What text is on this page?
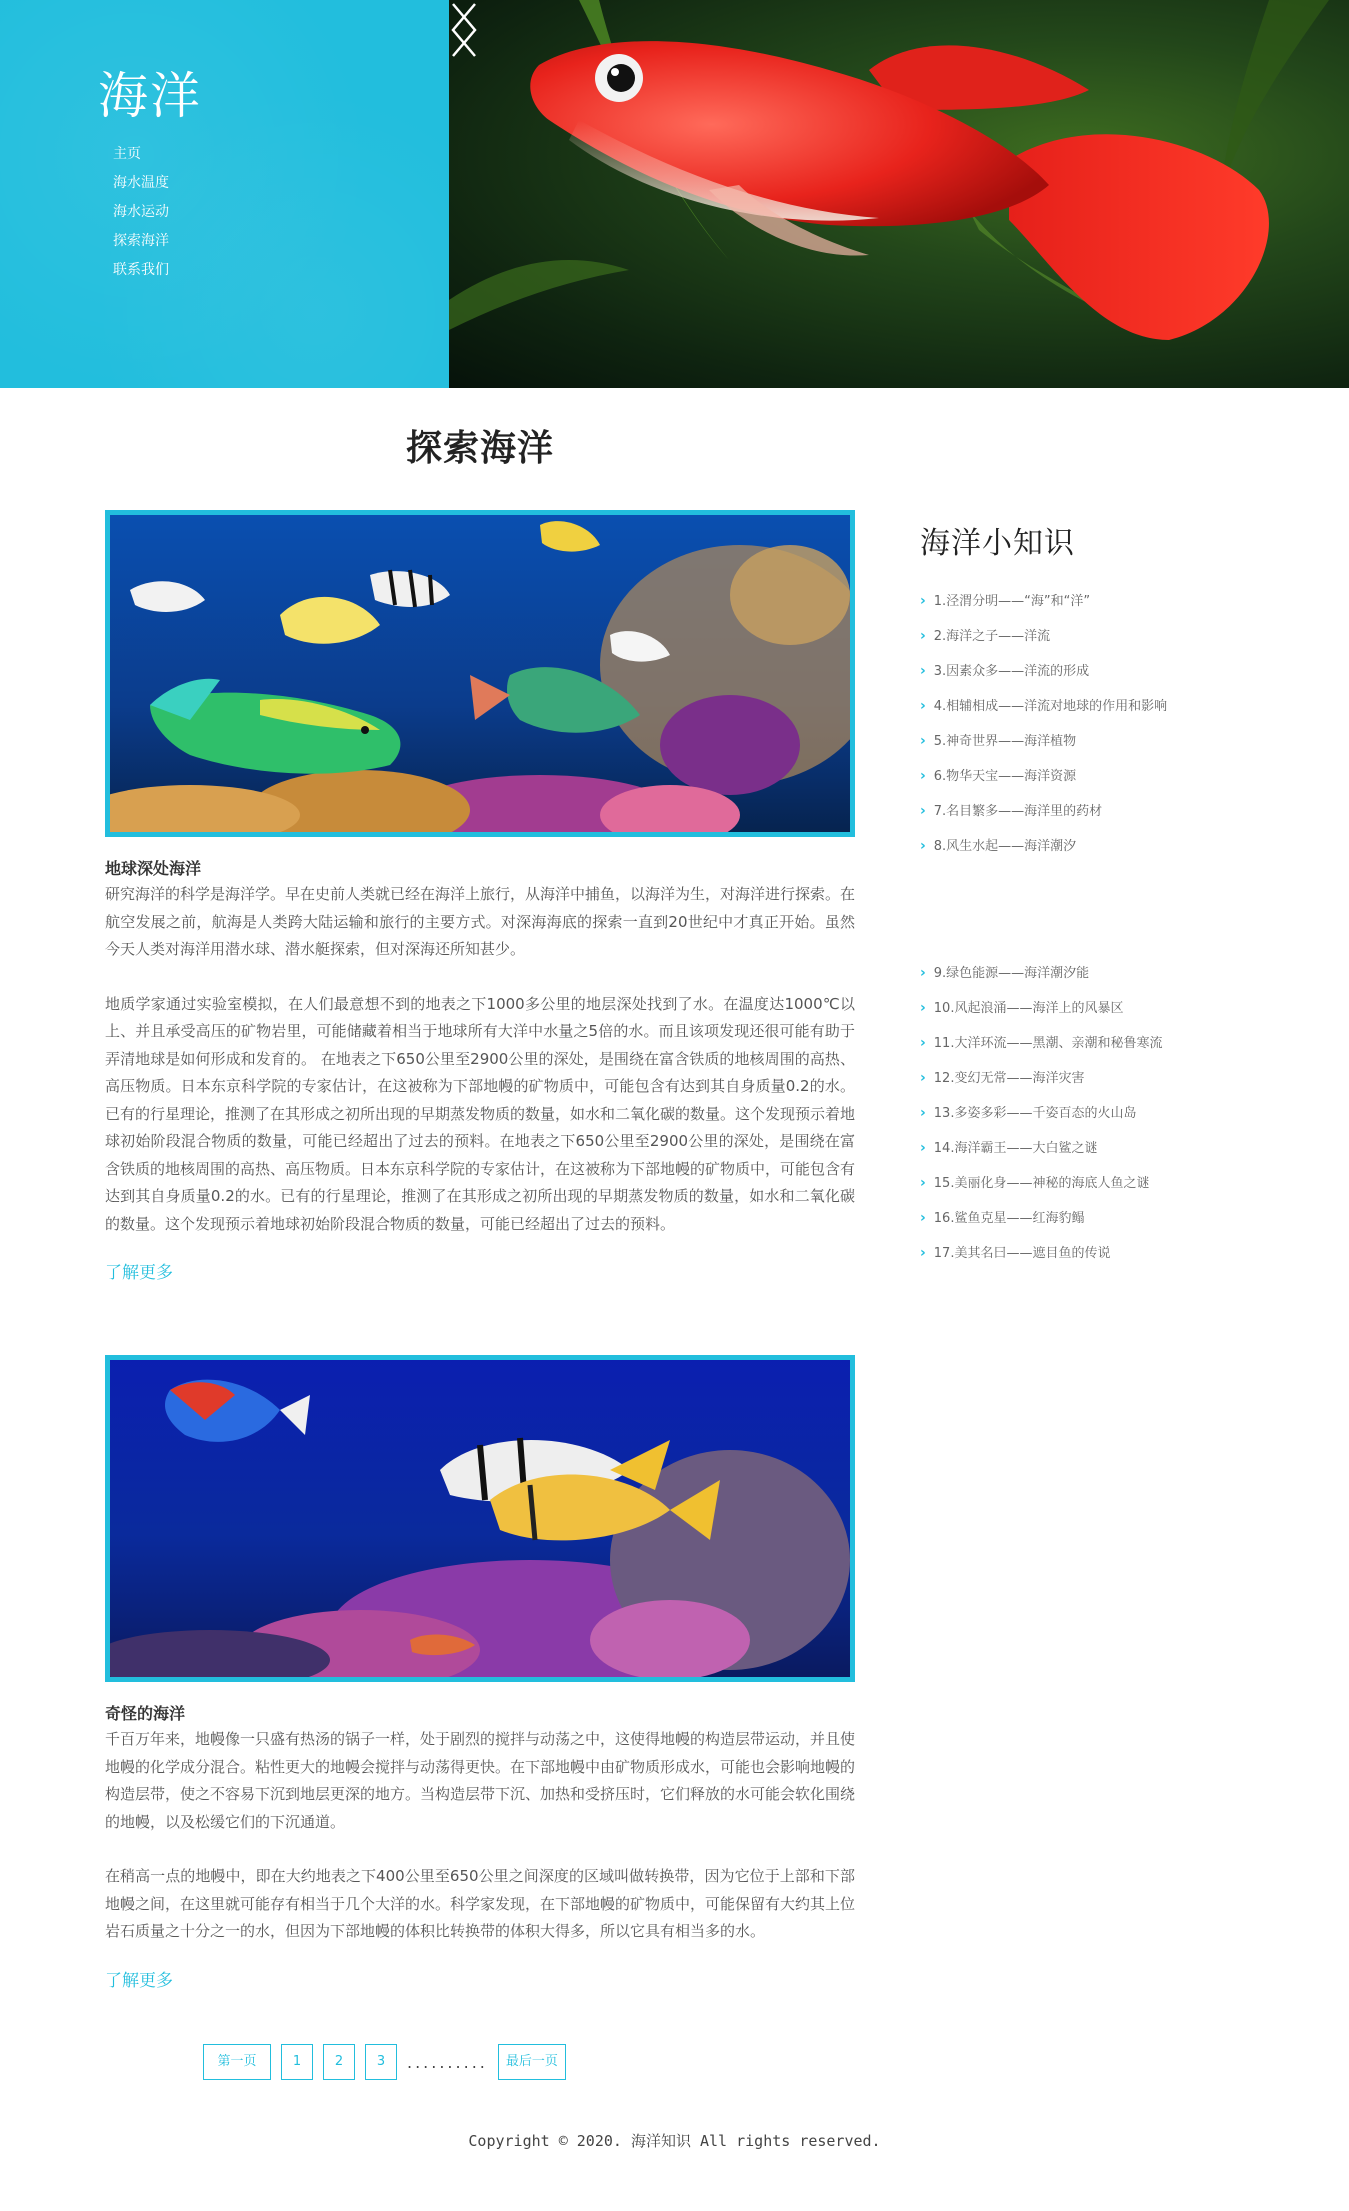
海洋
主页
海水温度
海水运动
探索海洋
联系我们
探索海洋
地球深处海洋

研究海洋的科学是海洋学。早在史前人类就已经在海洋上旅行，从海洋中捕鱼，以海洋为生，对海洋进行探索。在航空发展之前，航海是人类跨大陆运输和旅行的主要方式。对深海海底的探索一直到20世纪中才真正开始。虽然今天人类对海洋用潜水球、潜水艇探索，但对深海还所知甚少。

地质学家通过实验室模拟，在人们最意想不到的地表之下1000多公里的地层深处找到了水。在温度达1000℃以上、并且承受高压的矿物岩里，可能储藏着相当于地球所有大洋中水量之5倍的水。而且该项发现还很可能有助于弄清地球是如何形成和发育的。 在地表之下650公里至2900公里的深处，是围绕在富含铁质的地核周围的高热、高压物质。日本东京科学院的专家估计，在这被称为下部地幔的矿物质中，可能包含有达到其自身质量0.2的水。已有的行星理论，推测了在其形成之初所出现的早期蒸发物质的数量，如水和二氧化碳的数量。这个发现预示着地球初始阶段混合物质的数量，可能已经超出了过去的预料。在地表之下650公里至2900公里的深处，是围绕在富含铁质的地核周围的高热、高压物质。日本东京科学院的专家估计，在这被称为下部地幔的矿物质中，可能包含有达到其自身质量0.2的水。已有的行星理论，推测了在其形成之初所出现的早期蒸发物质的数量，如水和二氧化碳的数量。这个发现预示着地球初始阶段混合物质的数量，可能已经超出了过去的预料。

了解更多
奇怪的海洋

千百万年来，地幔像一只盛有热汤的锅子一样，处于剧烈的搅拌与动荡之中，这使得地幔的构造层带运动，并且使地幔的化学成分混合。粘性更大的地幔会搅拌与动荡得更快。在下部地幔中由矿物质形成水，可能也会影响地幔的构造层带，使之不容易下沉到地层更深的地方。当构造层带下沉、加热和受挤压时，它们释放的水可能会软化围绕的地幔，以及松缓它们的下沉通道。

在稍高一点的地幔中，即在大约地表之下400公里至650公里之间深度的区域叫做转换带，因为它位于上部和下部地幔之间，在这里就可能存有相当于几个大洋的水。科学家发现，在下部地幔的矿物质中，可能保留有大约其上位岩石质量之十分之一的水，但因为下部地幔的体积比转换带的体积大得多，所以它具有相当多的水。

了解更多
海洋小知识
› 1.泾渭分明——“海”和“洋”
› 2.海洋之子——洋流
› 3.因素众多——洋流的形成
› 4.相辅相成——洋流对地球的作用和影响
› 5.神奇世界——海洋植物
› 6.物华天宝——海洋资源
› 7.名目繁多——海洋里的药材
› 8.风生水起——海洋潮汐
› 9.绿色能源——海洋潮汐能
› 10.风起浪涌——海洋上的风暴区
› 11.大洋环流——黑潮、亲潮和秘鲁寒流
› 12.变幻无常——海洋灾害
› 13.多姿多彩——千姿百态的火山岛
› 14.海洋霸王——大白鲨之谜
› 15.美丽化身——神秘的海底人鱼之谜
› 16.鲨鱼克星——红海豹鳎
› 17.美其名曰——遮目鱼的传说
第一页	1	2	3	..........	最后一页
Copyright © 2020. 海洋知识 All rights reserved.
